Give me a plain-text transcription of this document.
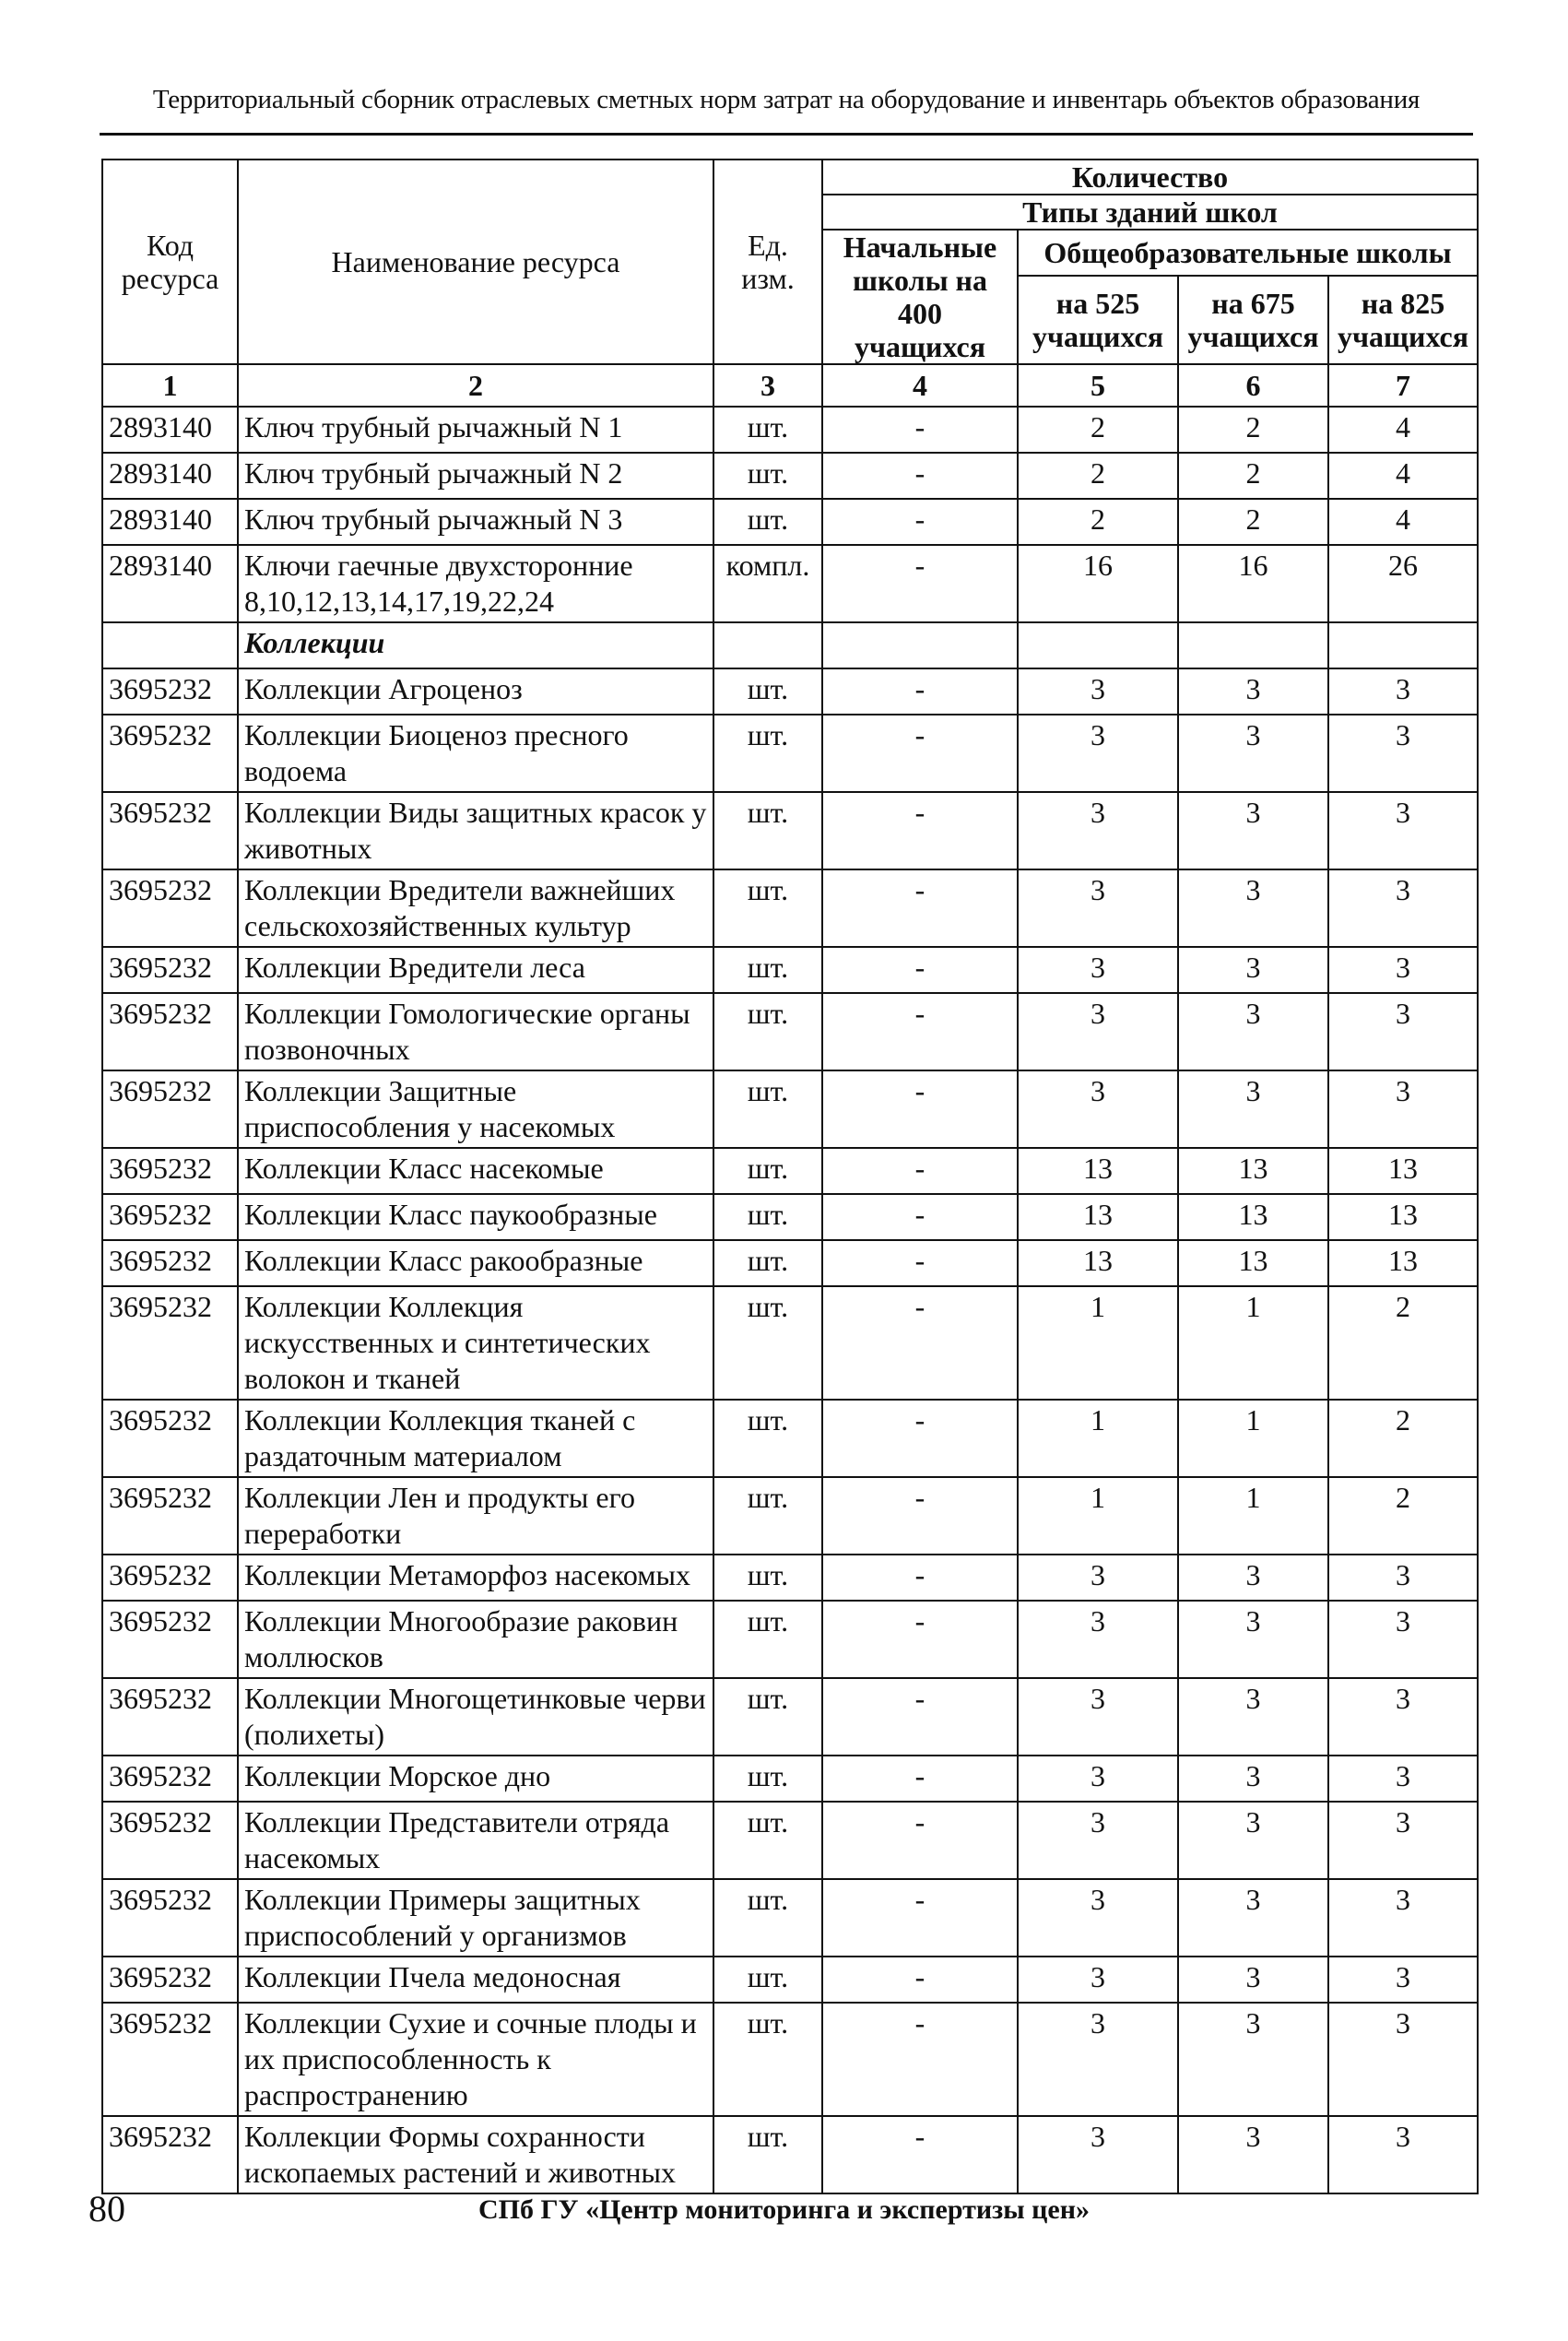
Территориальный сборник отраслевых сметных норм затрат на оборудование и инвентарь объектов образования
Код ресурса	Наименование ресурса	Ед. изм.	Количество			
			Типы зданий школ			
			Начальные школы на 400 учащихся	Общеобразовательные школы		
				на 525 учащихся	на 675 учащихся	на 825 учащихся
1	2	3	4	5	6	7
2893140	Ключ трубный рычажный N 1	шт.	-	2	2	4
2893140	Ключ трубный рычажный N 2	шт.	-	2	2	4
2893140	Ключ трубный рычажный N 3	шт.	-	2	2	4
2893140	Ключи гаечные двухсторонние 8,10,12,13,14,17,19,22,24	компл.	-	16	16	26
	Коллекции					
3695232	Коллекции Агроценоз	шт.	-	3	3	3
3695232	Коллекции Биоценоз пресного водоема	шт.	-	3	3	3
3695232	Коллекции Виды защитных красок у животных	шт.	-	3	3	3
3695232	Коллекции Вредители важнейших сельскохозяйственных культур	шт.	-	3	3	3
3695232	Коллекции Вредители леса	шт.	-	3	3	3
3695232	Коллекции Гомологические органы позвоночных	шт.	-	3	3	3
3695232	Коллекции Защитные приспособления у насекомых	шт.	-	3	3	3
3695232	Коллекции Класс насекомые	шт.	-	13	13	13
3695232	Коллекции Класс паукообразные	шт.	-	13	13	13
3695232	Коллекции Класс ракообразные	шт.	-	13	13	13
3695232	Коллекции Коллекция искусственных и синтетических волокон и тканей	шт.	-	1	1	2
3695232	Коллекции Коллекция тканей с раздаточным материалом	шт.	-	1	1	2
3695232	Коллекции Лен и продукты его переработки	шт.	-	1	1	2
3695232	Коллекции Метаморфоз насекомых	шт.	-	3	3	3
3695232	Коллекции Многообразие раковин моллюсков	шт.	-	3	3	3
3695232	Коллекции Многощетинковые черви (полихеты)	шт.	-	3	3	3
3695232	Коллекции Морское дно	шт.	-	3	3	3
3695232	Коллекции Представители отряда насекомых	шт.	-	3	3	3
3695232	Коллекции Примеры защитных приспособлений у организмов	шт.	-	3	3	3
3695232	Коллекции Пчела медоносная	шт.	-	3	3	3
3695232	Коллекции Сухие и сочные плоды и их приспособленность к распространению	шт.	-	3	3	3
3695232	Коллекции Формы сохранности ископаемых растений и животных	шт.	-	3	3	3
80	СПб ГУ «Центр мониторинга и экспертизы цен»
